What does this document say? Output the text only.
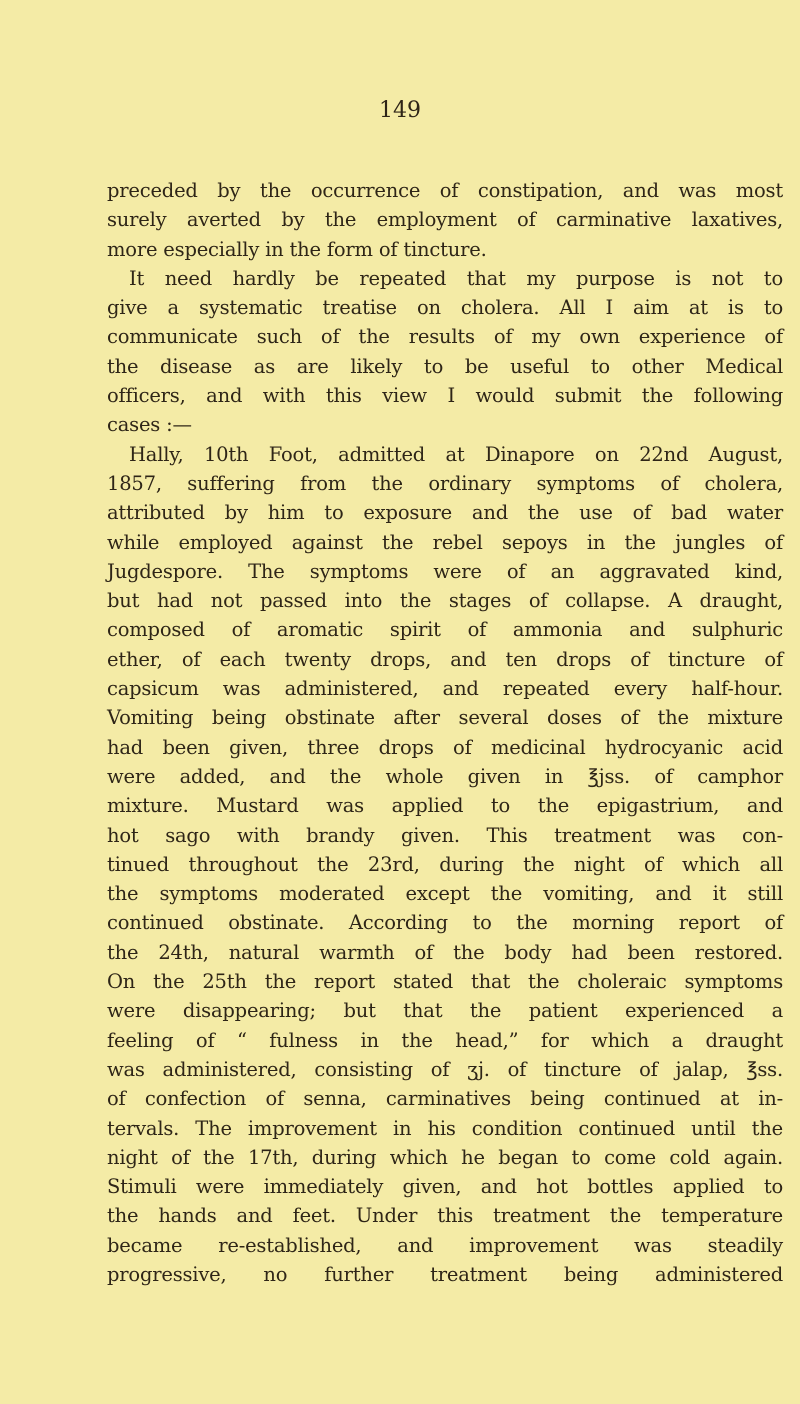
149
preceded by the occurrence of constipation, and was most
surely averted by the employment of carminative laxatives,
more especially in the form of tincture.
It need hardly be repeated that my purpose is not to
give a systematic treatise on cholera. All I aim at is to
communicate such of the results of my own experience of
the disease as are likely to be useful to other Medical
officers, and with this view I would submit the following
cases :—
Hally, 10th Foot, admitted at Dinapore on 22nd August,
1857, suffering from the ordinary symptoms of cholera,
attributed by him to exposure and the use of bad water
while employed against the rebel sepoys in the jungles of
Jugdespore. The symptoms were of an aggravated kind,
but had not passed into the stages of collapse. A draught,
composed of aromatic spirit of ammonia and sulphuric
ether, of each twenty drops, and ten drops of tincture of
capsicum was administered, and repeated every half-hour.
Vomiting being obstinate after several doses of the mixture
had been given, three drops of medicinal hydrocyanic acid
were added, and the whole given in ℥jss. of camphor
mixture. Mustard was applied to the epigastrium, and
hot sago with brandy given. This treatment was con-
tinued throughout the 23rd, during the night of which all
the symptoms moderated except the vomiting, and it still
continued obstinate. According to the morning report of
the 24th, natural warmth of the body had been restored.
On the 25th the report stated that the choleraic symptoms
were disappearing; but that the patient experienced a
feeling of “ fulness in the head,” for which a draught
was administered, consisting of ʒj. of tincture of jalap, ℥ss.
of confection of senna, carminatives being continued at in-
tervals. The improvement in his condition continued until the
night of the 17th, during which he began to come cold again.
Stimuli were immediately given, and hot bottles applied to
the hands and feet. Under this treatment the temperature
became re-established, and improvement was steadily
progressive, no further treatment being administered
